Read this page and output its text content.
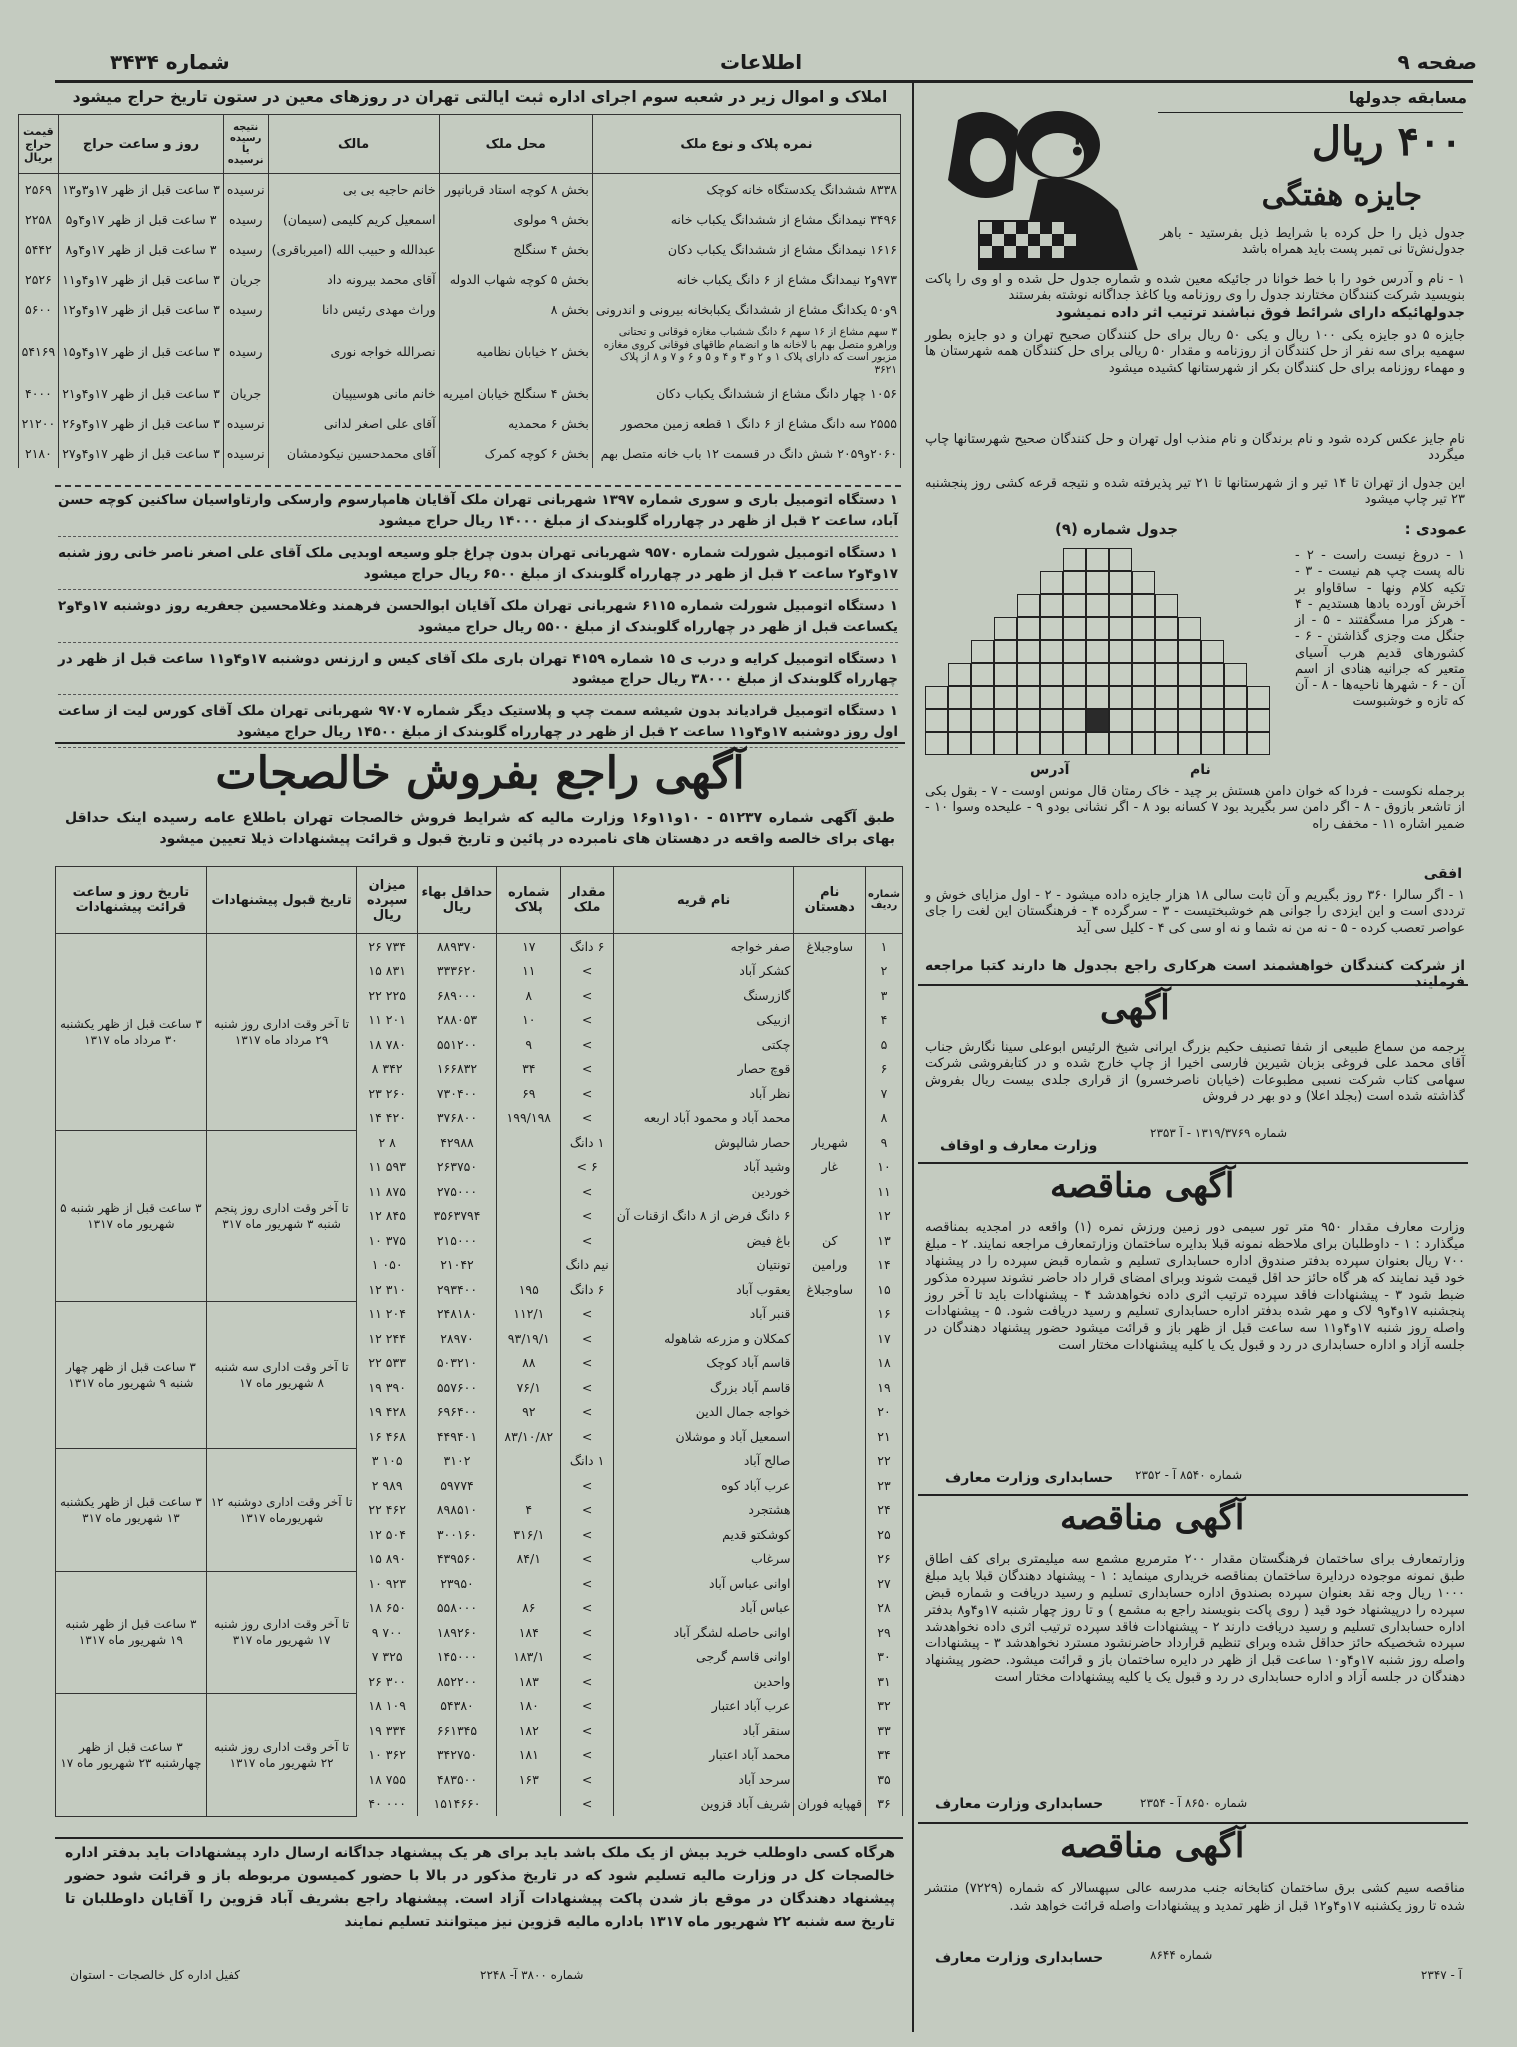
صفحه ۹
اطلاعات
شماره ۳۴۳۴
املاک و اموال زیر در شعبه سوم اجرای اداره ثبت ایالتی تهران در روزهای معین در ستون تاریخ حراج میشود
نمره پلاک و نوع ملک	محل ملک	مالک	نتیجه رسیده یا نرسیده	روز و ساعت حراج	قیمت حراج بریال
۸۳۳۸ ششدانگ یکدستگاه خانه کوچک	بخش ۸ کوچه استاد قربانپور	خانم حاجیه بی بی	نرسیده	۳ ساعت قبل از ظهر ۱۷و۳و۱۳	۲۵۶۹
۳۴۹۶ نیمدانگ مشاع از ششدانگ یکباب خانه	بخش ۹ مولوی	اسمعیل کریم کلیمی (سیمان)	رسیده	۳ ساعت قبل از ظهر ۱۷و۴و۵	۲۲۵۸
۱۶۱۶ نیمدانگ مشاع از ششدانگ یکباب دکان	بخش ۴ سنگلج	عبدالله و حبیب الله (امیرباقری)	رسیده	۳ ساعت قبل از ظهر ۱۷و۴و۸	۵۴۴۲
۹۷۳و۲ نیمدانگ مشاع از ۶ دانگ یکباب خانه	بخش ۵ کوچه شهاب الدوله	آقای محمد بیرونه داد	جریان	۳ ساعت قبل از ظهر ۱۷و۴و۱۱	۲۵۲۶
۹و۵۰ یکدانگ مشاع از ششدانگ یکبابخانه بیرونی و اندرونی	بخش ۸	وراث مهدی رئیس دانا	رسیده	۳ ساعت قبل از ظهر ۱۷و۴و۱۲	۵۶۰۰
۳ سهم مشاع از ۱۶ سهم ۶ دانگ ششباب مغازه فوقانی و تحتانی وراهرو متصل بهم با لاخانه ها و انضمام طاقهای فوقانی کروی مغازه مزبور است که دارای پلاک ۱ و ۲ و ۳ و ۴ و ۵ و ۶ و ۷ و ۸ از پلاک ۳۶۲۱	بخش ۲ خیابان نظامیه	نصرالله خواجه نوری	رسیده	۳ ساعت قبل از ظهر ۱۷و۴و۱۵	۵۴۱۶۹
۱۰۵۶ چهار دانگ مشاع از ششدانگ یکباب دکان	بخش ۴ سنگلج خیابان امیریه	خانم مانی هوسیپیان	جریان	۳ ساعت قبل از ظهر ۱۷و۴و۲۱	۴۰۰۰
۲۵۵۵ سه دانگ مشاع از ۶ دانگ ۱ قطعه زمین محصور	بخش ۶ محمدیه	آقای علی اصغر لدانی	نرسیده	۳ ساعت قبل از ظهر ۱۷و۴و۲۶	۲۱۲۰۰
۲۰۶۰و۲۰۵۹ شش دانگ در قسمت ۱۲ باب خانه متصل بهم	بخش ۶ کوچه کمرک	آقای محمدحسین نیکودمشان	نرسیده	۳ ساعت قبل از ظهر ۱۷و۴و۲۷	۲۱۸۰
۱ دستگاه اتومبیل باری و سوری شماره ۱۳۹۷ شهربانی تهران ملک آقایان هامپارسوم وارسکی وارتاواسیان ساکنین کوچه حسن آباد، ساعت ۲ قبل از ظهر در چهارراه گلوبندک از مبلغ ۱۴۰۰۰ ریال حراج میشود
۱ دستگاه اتومبیل شورلت شماره ۹۵۷۰ شهربانی تهران بدون چراغ جلو وسیعه اوبدیی ملک آقای علی اصغر ناصر خانی روز شنبه ۱۷و۴و۲ ساعت ۲ قبل از ظهر در چهارراه گلوبندک از مبلغ ۶۵۰۰ ریال حراج میشود
۱ دستگاه اتومبیل شورلت شماره ۶۱۱۵ شهربانی تهران ملک آقایان ابوالحسن فرهمند وغلامحسین جعفریه روز دوشنبه ۱۷و۴و۲ یکساعت قبل از ظهر در چهارراه گلوبندک از مبلغ ۵۵۰۰ ریال حراج میشود
۱ دستگاه اتومبیل کرایه و درب ی ۱۵ شماره ۴۱۵۹ تهران باری ملک آقای کیس و ارزنس دوشنبه ۱۷و۴و۱۱ ساعت قبل از ظهر در چهارراه گلوبندک از مبلغ ۳۸۰۰۰ ریال حراج میشود
۱ دستگاه اتومبیل قرادیاند بدون شیشه سمت چپ و پلاستیک دیگر شماره ۹۷۰۷ شهربانی تهران ملک آقای کورس لیت از ساعت اول روز دوشنبه ۱۷و۴و۱۱ ساعت ۲ قبل از ظهر در چهارراه گلوبندک از مبلغ ۱۴۵۰۰ ریال حراج میشود
آگهی راجع بفروش خالصجات
طبق آگهی شماره ۵۱۲۳۷ - ۱۰و۱۱و۱۶ وزارت مالیه که شرایط فروش خالصجات تهران باطلاع عامه رسیده اینک حداقل بهای برای خالصه واقعه در دهستان های نامبرده در پائین و تاریخ قبول و قرائت پیشنهادات ذیلا تعیین میشود
شماره ردیف	نام دهستان	نام قریه	مقدار ملک	شماره پلاک	حداقل بهاء ریال	میزان سپرده ریال	تاریخ قبول پیشنهادات	تاریخ روز و ساعت قرائت پیشنهادات
۱	ساوجبلاغ	صفر خواجه	۶ دانگ	۱۷	۸۸۹۳۷۰	۷۳۴ ۲۶	تا آخر وقت اداری روز شنبه ۲۹ مرداد ماه ۱۳۱۷	۳ ساعت قبل از ظهر یکشنبه ۳۰ مرداد ماه ۱۳۱۷
۲		کشکر آباد	>	۱۱	۳۳۳۶۲۰	۸۳۱ ۱۵		
۳		گازرسنگ	>	۸	۶۸۹۰۰۰	۲۲۵ ۲۲		
۴		ازبیکی	>	۱۰	۲۸۸۰۵۳	۲۰۱ ۱۱		
۵		چکتی	>	۹	۵۵۱۲۰۰	۷۸۰ ۱۸		
۶		قوچ حصار	>	۳۴	۱۶۶۸۳۲	۳۴۲ ۸		
۷		نظر آباد	>	۶۹	۷۳۰۴۰۰	۲۶۰ ۲۳		
۸		محمد آباد و محمود آباد اربعه	>	۱۹۹/۱۹۸	۳۷۶۸۰۰	۴۲۰ ۱۴		
۹	شهریار	حصار شالپوش	۱ دانگ		۴۲۹۸۸	۸ ۲	تا آخر وقت اداری روز پنجم شنبه ۳ شهریور ماه ۳۱۷	۳ ساعت قبل از ظهر شنبه ۵ شهریور ماه ۱۳۱۷
۱۰	غار	وشید آباد	۶ >		۲۶۳۷۵۰	۵۹۳ ۱۱		
۱۱		خوردین	>		۲۷۵۰۰۰	۸۷۵ ۱۱		
۱۲		۶ دانگ فرض از ۸ دانگ ازقنات آن	>		۳۵۶۳۷۹۴	۸۴۵ ۱۲		
۱۳	کن	باغ فیض	>		۲۱۵۰۰۰	۳۷۵ ۱۰		
۱۴	ورامین	تونتیان	نیم دانگ		۲۱۰۴۲	۰۵۰ ۱		
۱۵	ساوجبلاغ	یعقوب آباد	۶ دانگ	۱۹۵	۲۹۳۴۰۰	۳۱۰ ۱۲		
۱۶		قنبر آباد	>	۱۱۲/۱	۲۴۸۱۸۰	۲۰۴ ۱۱	تا آخر وقت اداری سه شنبه ۸ شهریور ماه ۱۷	۳ ساعت قبل از ظهر چهار شنبه ۹ شهریور ماه ۱۳۱۷
۱۷		کمکلان و مزرعه شاهوله	>	۹۳/۱۹/۱	۲۸۹۷۰	۲۴۴ ۱۲		
۱۸		قاسم آباد کوچک	>	۸۸	۵۰۳۲۱۰	۵۳۳ ۲۲		
۱۹		قاسم آباد بزرگ	>	۷۶/۱	۵۵۷۶۰۰	۳۹۰ ۱۹		
۲۰		خواجه جمال الدین	>	۹۲	۶۹۶۴۰۰	۴۲۸ ۱۹		
۲۱		اسمعیل آباد و موشلان	>	۸۳/۱۰/۸۲	۴۴۹۴۰۱	۴۶۸ ۱۶		
۲۲		صالح آباد	۱ دانگ		۳۱۰۲	۱۰۵ ۳	تا آخر وقت اداری دوشنبه ۱۲ شهریورماه ۱۳۱۷	۳ ساعت قبل از ظهر یکشنبه ۱۳ شهریور ماه ۳۱۷
۲۳		عرب آباد کوه	>		۵۹۷۷۴	۹۸۹ ۲		
۲۴		هشتجرد	>	۴	۸۹۸۵۱۰	۴۶۲ ۲۲		
۲۵		کوشکتو قدیم	>	۳۱۶/۱	۳۰۰۱۶۰	۵۰۴ ۱۲		
۲۶		سرغاب	>	۸۴/۱	۴۳۹۵۶۰	۸۹۰ ۱۵		
۲۷		اوانی عباس آباد	>		۲۳۹۵۰	۹۲۳ ۱۰	تا آخر وقت اداری روز شنبه ۱۷ شهریور ماه ۳۱۷	۳ ساعت قبل از ظهر شنبه ۱۹ شهریور ماه ۱۳۱۷
۲۸		عباس آباد	>	۸۶	۵۵۸۰۰۰	۶۵۰ ۱۸		
۲۹		اوانی حاصله لشگر آباد	>	۱۸۴	۱۸۹۲۶۰	۷۰۰ ۹		
۳۰		اوانی قاسم گرجی	>	۱۸۳/۱	۱۴۵۰۰۰	۳۲۵ ۷		
۳۱		واحدین	>	۱۸۳	۸۵۲۲۰۰	۳۰۰ ۲۶		
۳۲		عرب آباد اعتبار	>	۱۸۰	۵۴۳۸۰	۱۰۹ ۱۸	تا آخر وقت اداری روز شنبه ۲۲ شهریور ماه ۱۳۱۷	۳ ساعت قبل از ظهر چهارشنبه ۲۳ شهریور ماه ۱۷
۳۳		سنقر آباد	>	۱۸۲	۶۶۱۳۴۵	۳۳۴ ۱۹		
۳۴		محمد آباد اعتبار	>	۱۸۱	۳۴۲۷۵۰	۳۶۲ ۱۰		
۳۵		سرحد آباد	>	۱۶۳	۴۸۳۵۰۰	۷۵۵ ۱۸		
۳۶	قهپایه فوران	شریف آباد قزوین	>		۱۵۱۴۶۶۰	۰۰۰ ۴۰		
هرگاه کسی داوطلب خرید بیش از یک ملک باشد باید برای هر یک پیشنهاد جداگانه ارسال دارد پیشنهادات باید بدفتر اداره خالصجات کل در وزارت مالیه تسلیم شود که در تاریخ مذکور در بالا با حضور کمیسون مربوطه باز و قرائت شود حضور پیشنهاد دهندگان در موقع باز شدن پاکت پیشنهادات آزاد است. پیشنهاد راجع بشریف آباد قزوین را آقایان داوطلبان تا تاریخ سه شنبه ۲۲ شهریور ماه ۱۳۱۷ باداره مالیه قزوین نیز میتوانند تسلیم نمایند
کفیل اداره کل خالصجات - استوان	شماره ۳۸۰۰ آ- ۲۲۴۸
مسابقه جدولها
?	۴۰۰ ریال
جایزه هفتگی
جدول ذیل را حل کرده با شرایط ذیل بفرستید - باهر جدول‌نش‌تا نی تمبر پست باید همراه باشد
۱ - نام و آدرس خود را با خط خوانا در جائیکه معین شده و شماره جدول حل شده و او وی را پاکت بنویسید شرکت کنندگان مختارند جدول را وی روزنامه ویا کاغذ جداگانه نوشته بفرستند
جدولهائیکه دارای شرائط فوق نباشند ترتیب اثر داده نمیشود
جایزه ۵ دو جایزه یکی ۱۰۰ ریال و یکی ۵۰ ریال برای حل کنندگان صحیح تهران و دو جایزه بطور سهمیه برای سه نفر از حل کنندگان از روزنامه و مقدار ۵۰ ریالی برای حل کنندگان همه شهرستان ها و مهماء روزنامه برای حل کنندگان بکر از شهرستانها کشیده میشود
نام جایز عکس کرده شود و نام برندگان و نام منذب اول تهران و حل کنندگان صحیح شهرستانها چاپ میگردد
این جدول از تهران تا ۱۴ تیر و از شهرستانها تا ۲۱ تیر پذیرفته شده و نتیجه قرعه کشی روز پنجشنبه ۲۳ تیر چاپ میشود
جدول شماره (۹)	عمودی :
نام
آدرس
۱ - دروغ نیست راست - ۲ - ناله پست چپ هم نیست - ۳ - تکیه کلام ونها - ساقاواو بر آخرش آورده بادها هستدیم - ۴ - هرکز مرا مسگفتند - ۵ - از جنگل مت وجزی گذاشتن - ۶ - کشورهای قدیم هرب آسیای متعیر که جرانیه هنادی از اسم آن - ۶ - شهرها ناحیه‌ها - ۸ - آن که تازه و خوشبوست
برجمله نکوست - فردا که خوان دامن هستش بر چید - خاک رمتان قال مونس اوست - ۷ - بقول بکی از تاشعر بازوق - ۸ - اگر دامن سر بگیرید بود ۷ کسانه بود ۸ - اگر نشانی بودو ۹ - عليحده وسوا ۱۰ - ضمیر اشاره ۱۱ - مخفف راه
افقی
۱ - اگر سالرا ۳۶۰ روز بگیریم و آن ثابت سالی ۱۸ هزار جایزه داده میشود - ۲ - اول مزایای خوش و ترددی است و این ایزدی را جوانی هم خوشبختیست - ۳ - سرگرده ۴ - فرهنگستان این لغت را جای عواصر تعصب کرده - ۵ - نه من نه شما و نه او سی کی ۴ - کلیل سی آید
از شرکت کنندگان خواهشمند است هرکاری راجع بجدول ها دارند کتبا مراجعه فرمایند
آگهی
برجمه من سماع طبیعی از شفا تصنیف حکیم بزرگ ایرانی شیخ الرئیس ابوعلی سینا نگارش جناب آقای محمد علی فروغی بزبان شیرین فارسی اخیرا از چاپ خارج شده و در کتابفروشی شرکت سهامی کتاب شرکت نسبی مطبوعات (خیابان ناصرخسرو) از قراری جلدی بیست ریال بفروش گذاشته شده است (بجلد اعلا) و دو بهر در فروش
شماره ۱۳۱۹/۳۷۶۹ - آ ۲۳۵۳
وزارت معارف و اوقاف
آگهی مناقصه
وزارت معارف مقدار ۹۵۰ متر تور سیمی دور زمین ورزش نمره (۱) واقعه در امجدیه بمناقصه میگذارد : ۱ - داوطلبان برای ملاحظه نمونه قبلا بدایره ساختمان وزارتمعارف مراجعه نمایند. ۲ - مبلغ ۷۰۰ ریال بعنوان سپرده بدفتر صندوق اداره حسابداری تسلیم و شماره قبض سپرده را در پیشنهاد خود قید نمایند که هر گاه حائز حد اقل قیمت شوند وبرای امضای قرار داد حاضر نشوند سپرده مذکور ضبط شود ۳ - پیشنهادات فاقد سپرده ترتیب اثری داده نخواهدشد ۴ - پیشنهادات باید تا آخر روز پنجشنبه ۱۷و۴و۹ لاک و مهر شده بدفتر اداره حسابداری تسلیم و رسید دریافت شود. ۵ - پیشنهادات واصله روز شنبه ۱۷و۴و۱۱ سه ساعت قبل از ظهر باز و قرائت میشود حضور پیشنهاد دهندگان در جلسه آزاد و اداره حسابداری در رد و قبول یک یا کلیه پیشنهادات مختار است
شماره ۸۵۴۰ آ - ۲۳۵۲
حسابداری وزارت معارف
آگهی مناقصه
وزارتمعارف برای ساختمان فرهنگستان مقدار ۲۰۰ مترمربع مشمع سه میلیمتری برای کف اطاق طبق نمونه موجوده دردایرة ساختمان بمناقصه خریداری مینماید : ۱ - پیشنهاد دهندگان قبلا باید مبلغ ۱۰۰۰ ریال وجه نقد بعنوان سپرده بصندوق اداره حسابداری تسلیم و رسید دریافت و شماره قبض سپرده را درپیشنهاد خود قید ( روی پاکت بنویسند راجع به مشمع ) و تا روز چهار شنبه ۱۷و۴و۸ بدفتر اداره حسابداری تسلیم و رسید دریافت دارند ۲ - پیشنهادات فاقد سپرده ترتیب اثری داده نخواهدشد سپرده شخصیکه حائز حداقل شده وبرای تنظیم قرارداد حاضرنشود مسترد نخواهدشد ۳ - پیشنهادات واصله روز شنبه ۱۷و۴و۱۰ ساعت قبل از ظهر در دایره ساختمان باز و قرائت میشود. حضور پیشنهاد دهندگان در جلسه آزاد و اداره حسابداری در رد و قبول یک یا کلیه پیشنهادات مختار است
شماره ۸۶۵۰ آ - ۲۳۵۴
حسابداری وزارت معارف
آگهی مناقصه
مناقصه سیم کشی برق ساختمان کتابخانه جنب مدرسه عالی سپهسالار که شماره (۷۲۲۹) منتشر شده تا روز یکشنبه ۱۷و۴و۱۲ قبل از ظهر تمدید و پیشنهادات واصله قرائت خواهد شد.
شماره ۸۶۴۴
آ - ۲۳۴۷
حسابداری وزارت معارف
